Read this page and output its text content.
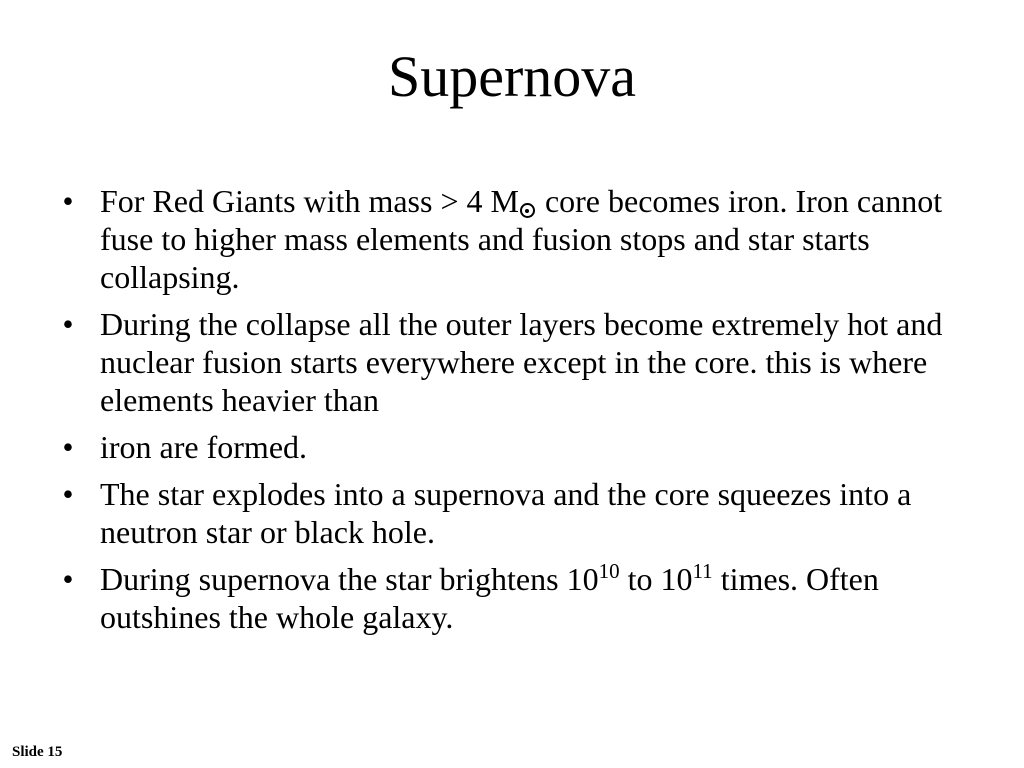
Supernova
• For Red Giants with mass > 4 M core becomes iron. Iron cannot fuse to higher mass elements and fusion stops and star starts collapsing.
• During the collapse all the outer layers become extremely hot and nuclear fusion starts everywhere except in the core. this is where elements heavier than
• iron are formed.
• The star explodes into a supernova and the core squeezes into a neutron star or black hole.
• During supernova the star brightens $10^{10}$ to $10^{11}$ times. Often outshines the whole galaxy.
Slide 15
